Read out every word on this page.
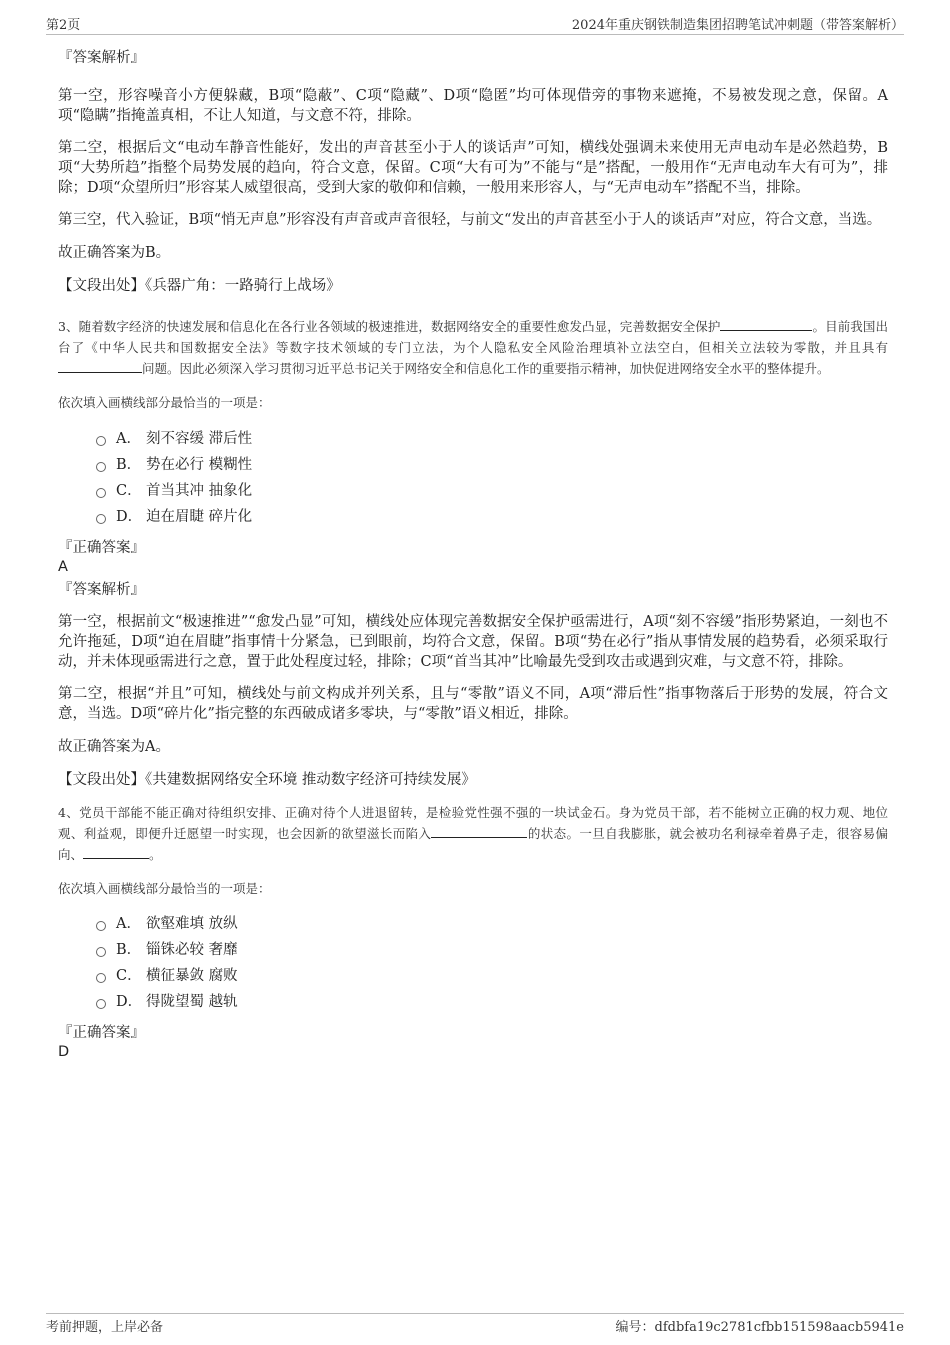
第2页	2024年重庆钢铁制造集团招聘笔试冲刺题（带答案解析）

『答案解析』

第一空，形容噪音小方便躲藏，B项“隐蔽”、C项“隐藏”、D项“隐匿”均可体现借旁的事物来遮掩，不易被发现之意，保留。A项“隐瞒”指掩盖真相，不让人知道，与文意不符，排除。

第二空，根据后文“电动车静音性能好，发出的声音甚至小于人的谈话声”可知，横线处强调未来使用无声电动车是必然趋势，B项“大势所趋”指整个局势发展的趋向，符合文意，保留。C项“大有可为”不能与“是”搭配，一般用作“无声电动车大有可为”，排除；D项“众望所归”形容某人威望很高，受到大家的敬仰和信赖，一般用来形容人，与“无声电动车”搭配不当，排除。

第三空，代入验证，B项“悄无声息”形容没有声音或声音很轻，与前文“发出的声音甚至小于人的谈话声”对应，符合文意，当选。

故正确答案为B。

【文段出处】《兵器广角：一路骑行上战场》

3、随着数字经济的快速发展和信息化在各行业各领域的极速推进，数据网络安全的重要性愈发凸显，完善数据安全保护	。目前我国出台了《中华人民共和国数据安全法》等数字技术领域的专门立法，为个人隐私安全风险治理填补立法空白，但相关立法较为零散，并且具有问题。因此必须深入学习贯彻习近平总书记关于网络安全和信息化工作的重要指示精神，加快促进网络安全水平的整体提升。

依次填入画横线部分最恰当的一项是：

A． 刻不容缓 滞后性
B． 势在必行 模糊性
C． 首当其冲 抽象化
D． 迫在眉睫 碎片化

『正确答案』

A

『答案解析』

第一空，根据前文“极速推进”“愈发凸显”可知，横线处应体现完善数据安全保护亟需进行，A项“刻不容缓”指形势紧迫，一刻也不允许拖延，D项“迫在眉睫”指事情十分紧急，已到眼前，均符合文意，保留。B项“势在必行”指从事情发展的趋势看，必须采取行动，并未体现亟需进行之意，置于此处程度过轻，排除；C项“首当其冲”比喻最先受到攻击或遇到灾难，与文意不符，排除。

第二空，根据“并且”可知，横线处与前文构成并列关系，且与“零散”语义不同，A项“滞后性”指事物落后于形势的发展，符合文意，当选。D项“碎片化”指完整的东西破成诸多零块，与“零散”语义相近，排除。

故正确答案为A。

【文段出处】《共建数据网络安全环境 推动数字经济可持续发展》

4、党员干部能不能正确对待组织安排、正确对待个人进退留转，是检验党性强不强的一块试金石。身为党员干部，若不能树立正确的权力观、地位观、利益观，即便升迁愿望一时实现，也会因新的欲望滋长而陷入	的状态。一旦自我膨胀，就会被功名利禄牵着鼻子走，很容易偏向、	。

依次填入画横线部分最恰当的一项是：

A． 欲壑难填 放纵
B． 锱铢必较 奢靡
C． 横征暴敛 腐败
D． 得陇望蜀 越轨

『正确答案』

D

考前押题，上岸必备	编号：dfdbfa19c2781cfbb151598aacb5941e
